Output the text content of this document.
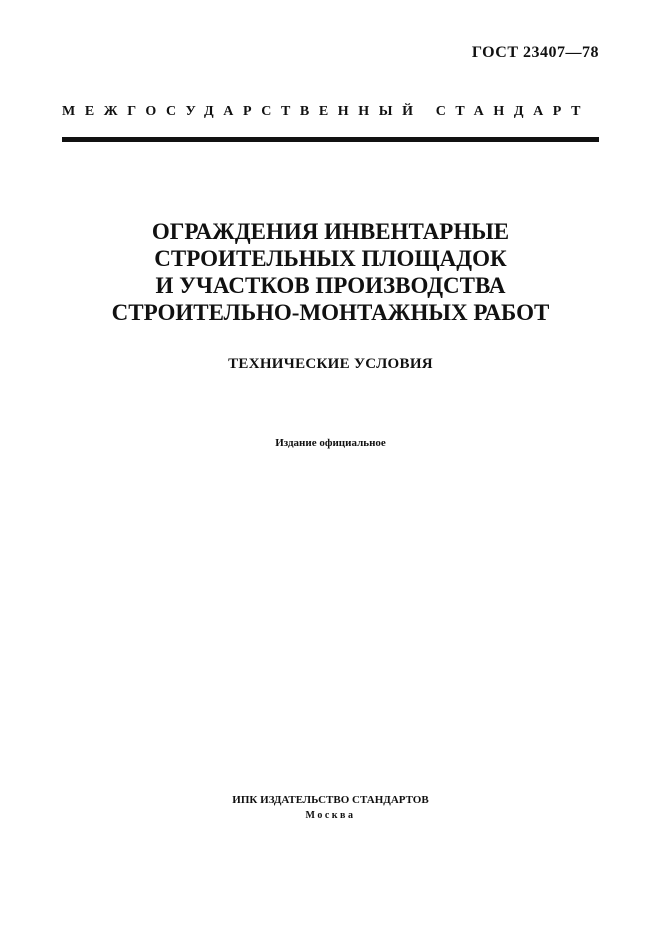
ГОСТ 23407—78
МЕЖГОСУДАРСТВЕННЫЙ СТАНДАРТ
ОГРАЖДЕНИЯ ИНВЕНТАРНЫЕ
СТРОИТЕЛЬНЫХ ПЛОЩАДОК
И УЧАСТКОВ ПРОИЗВОДСТВА
СТРОИТЕЛЬНО-МОНТАЖНЫХ РАБОТ
ТЕХНИЧЕСКИЕ УСЛОВИЯ
Издание официальное
ИПК ИЗДАТЕЛЬСТВО СТАНДАРТОВ
Москва
